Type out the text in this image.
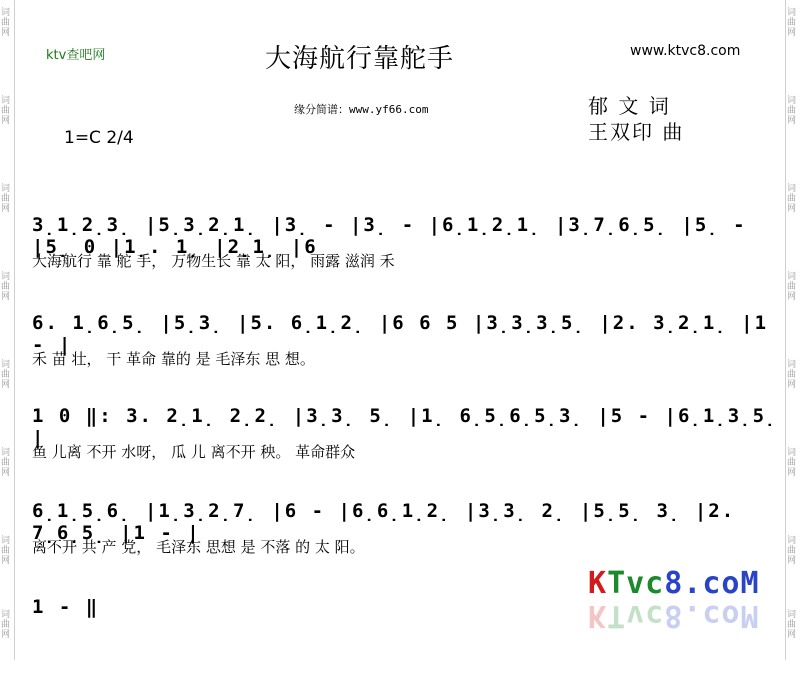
词曲网
词曲网
词曲网
词曲网
词曲网
词曲网
词曲网
词曲网
词曲网
词曲网
词曲网
词曲网
词曲网
词曲网
词曲网
词曲网
ktv查吧网	大海航行靠舵手	www.ktvc8.com
缘分简谱：www.yf66.com	郁 文 词
王双印 曲
1=C 2/4
3̣1̣2̣3̣ |5̣3̣2̣1̣ |3̣ - |3̣ - |6̣1̣2̣1̣ |3̣7̣6̣5̣ |5̣ - |5̣ 0 |1̣. 1̣ |2̣1̣ |6
大海航行 靠 舵 手， 万物生长 靠 太 阳， 雨露 滋润 禾
6. 1̣6̣5̣ |5̣3̣ |5. 6̣1̣2̣ |6 6 5 |3̣3̣3̣5̣ |2. 3̣2̣1̣ |1 - |
禾 苗 壮， 干 革命 靠的 是 毛泽东 思 想。
1 0 ‖: 3. 2̣1̣ 2̣2̣ |3̣3̣ 5̣ |1̣ 6̣5̣6̣5̣3̣ |5 - |6̣1̣3̣5̣ |
鱼 儿离 不开 水呀， 瓜 儿 离不开 秧。 革命群众
6̣1̣5̣6̣ |1̣3̣2̣7̣ |6 - |6̣6̣1̣2̣ |3̣3̣ 2̣ |5̣5̣ 3̣ |2. 7̣6̣5̣ |1 - |
离不开 共 产 党， 毛泽东 思想 是 不落 的 太 阳。
1 - ‖
KTvc8.coM
KTvc8.coM
